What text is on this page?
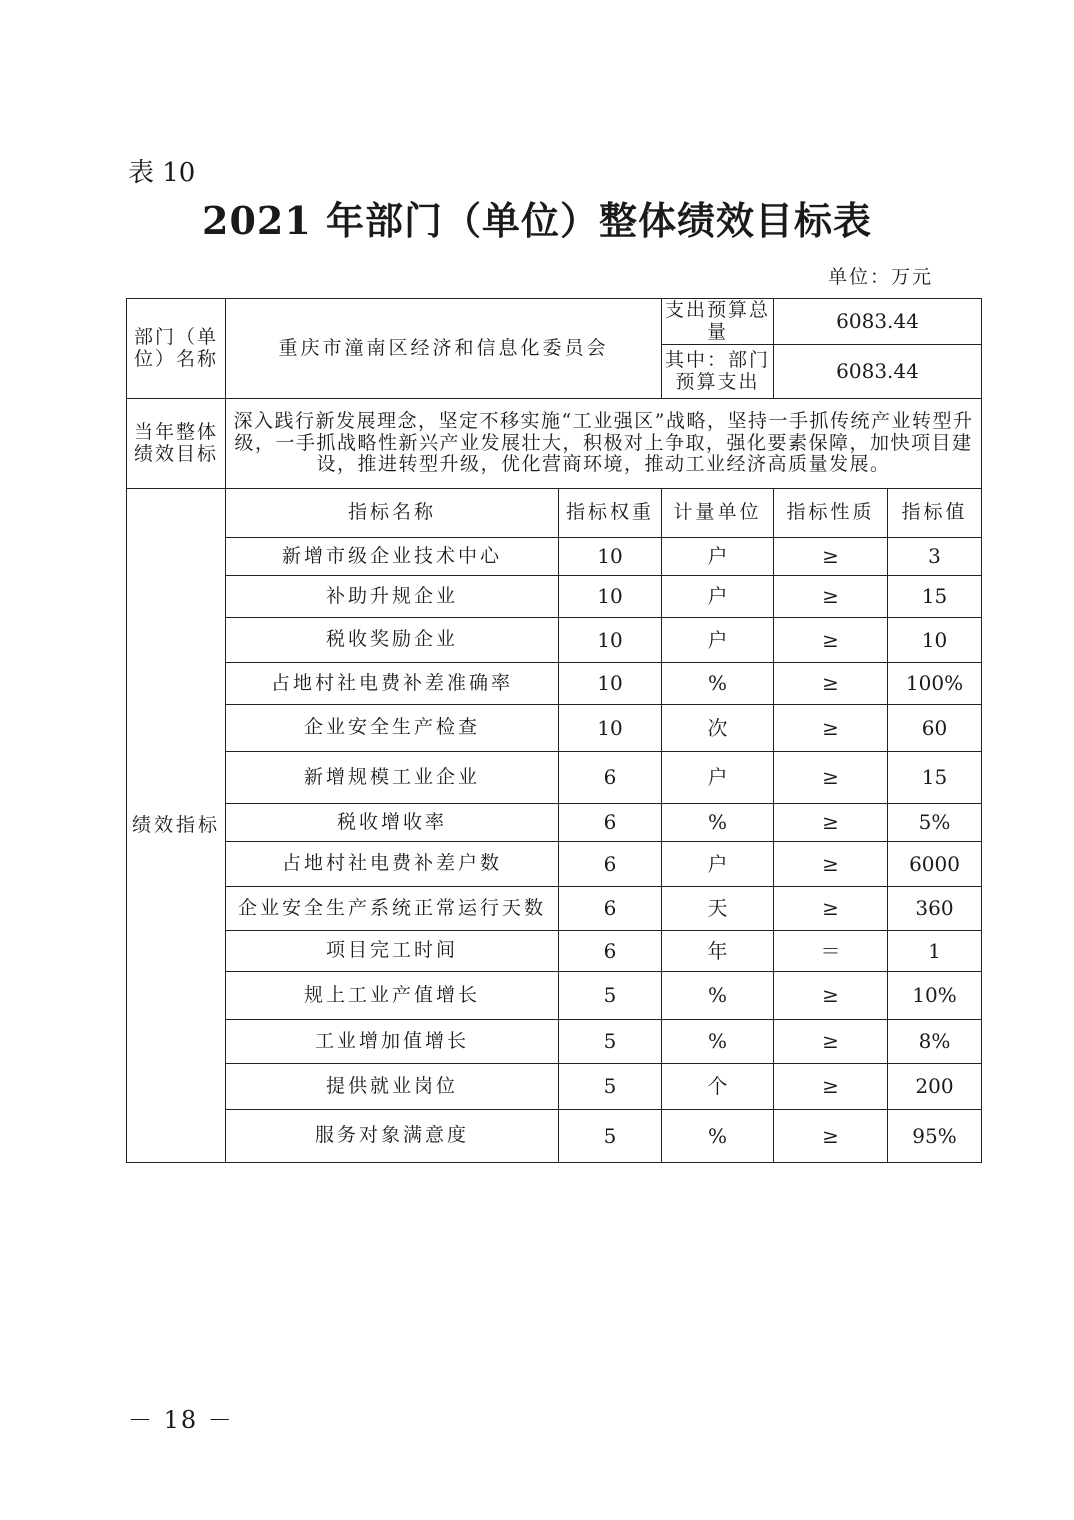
表 10
2021 年部门（单位）整体绩效目标表
单位：万元
部门（单位）名称	重庆市潼南区经济和信息化委员会		支出预算总量	6083.44	
			其中：部门预算支出	6083.44	
当年整体绩效目标	深入践行新发展理念，坚定不移实施“工业强区”战略，坚持一手抓传统产业转型升级，一手抓战略性新兴产业发展壮大，积极对上争取，强化要素保障，加快项目建设，推进转型升级，优化营商环境，推动工业经济高质量发展。				
绩效指标	指标名称	指标权重	计量单位	指标性质	指标值
	新增市级企业技术中心	10	户	≥	3
	补助升规企业	10	户	≥	15
	税收奖励企业	10	户	≥	10
	占地村社电费补差准确率	10	%	≥	100%
	企业安全生产检查	10	次	≥	60
	新增规模工业企业	6	户	≥	15
	税收增收率	6	%	≥	5%
	占地村社电费补差户数	6	户	≥	6000
	企业安全生产系统正常运行天数	6	天	≥	360
	项目完工时间	6	年	＝	1
	规上工业产值增长	5	%	≥	10%
	工业增加值增长	5	%	≥	8%
	提供就业岗位	5	个	≥	200
	服务对象满意度	5	%	≥	95%
－ 18 －
